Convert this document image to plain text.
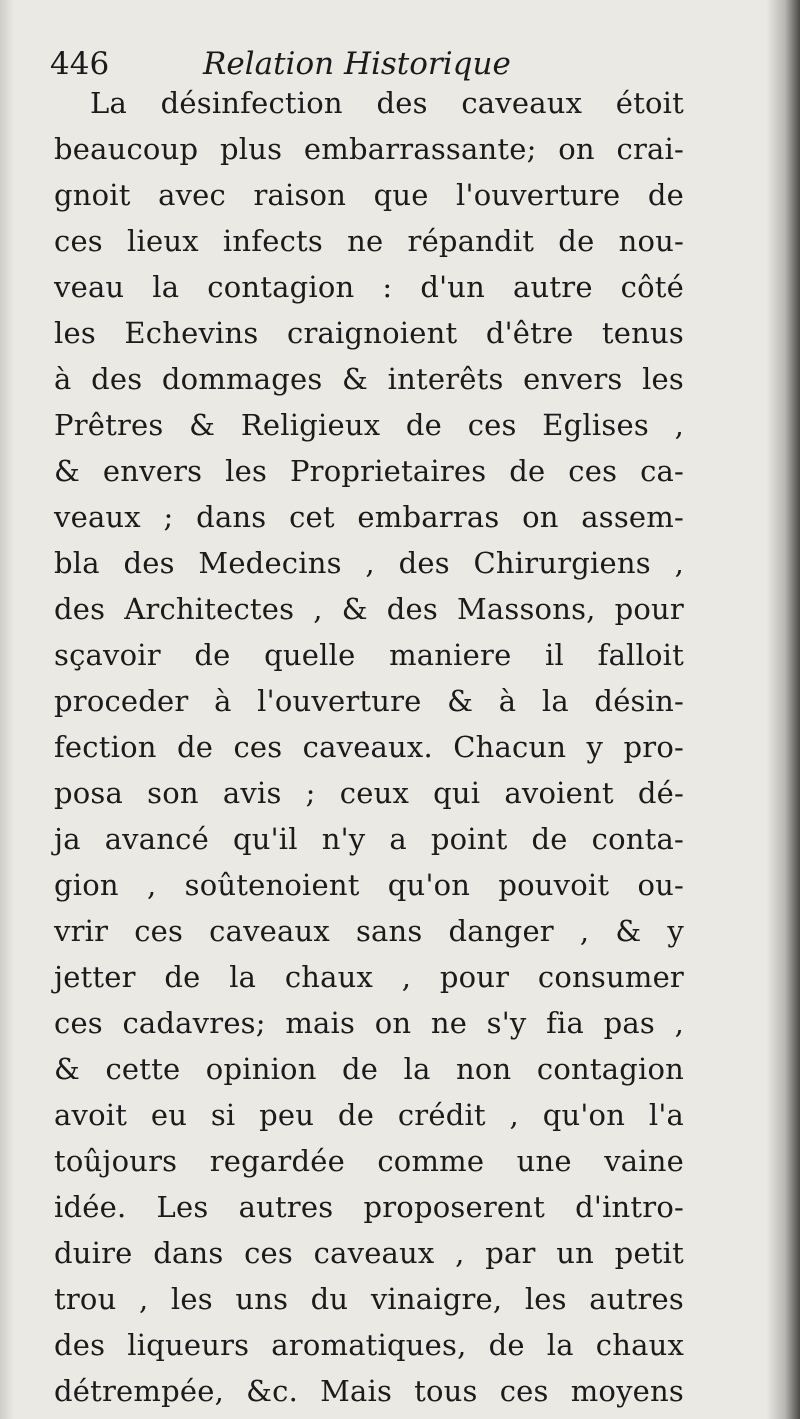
446	Relation Historique
La désinfection des caveaux étoit
beaucoup plus embarrassante; on crai-
gnoit avec raison que l'ouverture de
ces lieux infects ne répandit de nou-
veau la contagion : d'un autre côté
les Echevins craignoient d'être tenus
à des dommages & interêts envers les
Prêtres & Religieux de ces Eglises ,
& envers les Proprietaires de ces ca-
veaux ; dans cet embarras on assem-
bla des Medecins , des Chirurgiens ,
des Architectes , & des Massons, pour
sçavoir de quelle maniere il falloit
proceder à l'ouverture & à la désin-
fection de ces caveaux. Chacun y pro-
posa son avis ; ceux qui avoient dé-
ja avancé qu'il n'y a point de conta-
gion , soûtenoient qu'on pouvoit ou-
vrir ces caveaux sans danger , & y
jetter de la chaux , pour consumer
ces cadavres; mais on ne s'y fia pas ,
& cette opinion de la non contagion
avoit eu si peu de crédit , qu'on l'a
toûjours regardée comme une vaine
idée. Les autres proposerent d'intro-
duire dans ces caveaux , par un petit
trou , les uns du vinaigre, les autres
des liqueurs aromatiques, de la chaux
détrempée, &c. Mais tous ces moyens
